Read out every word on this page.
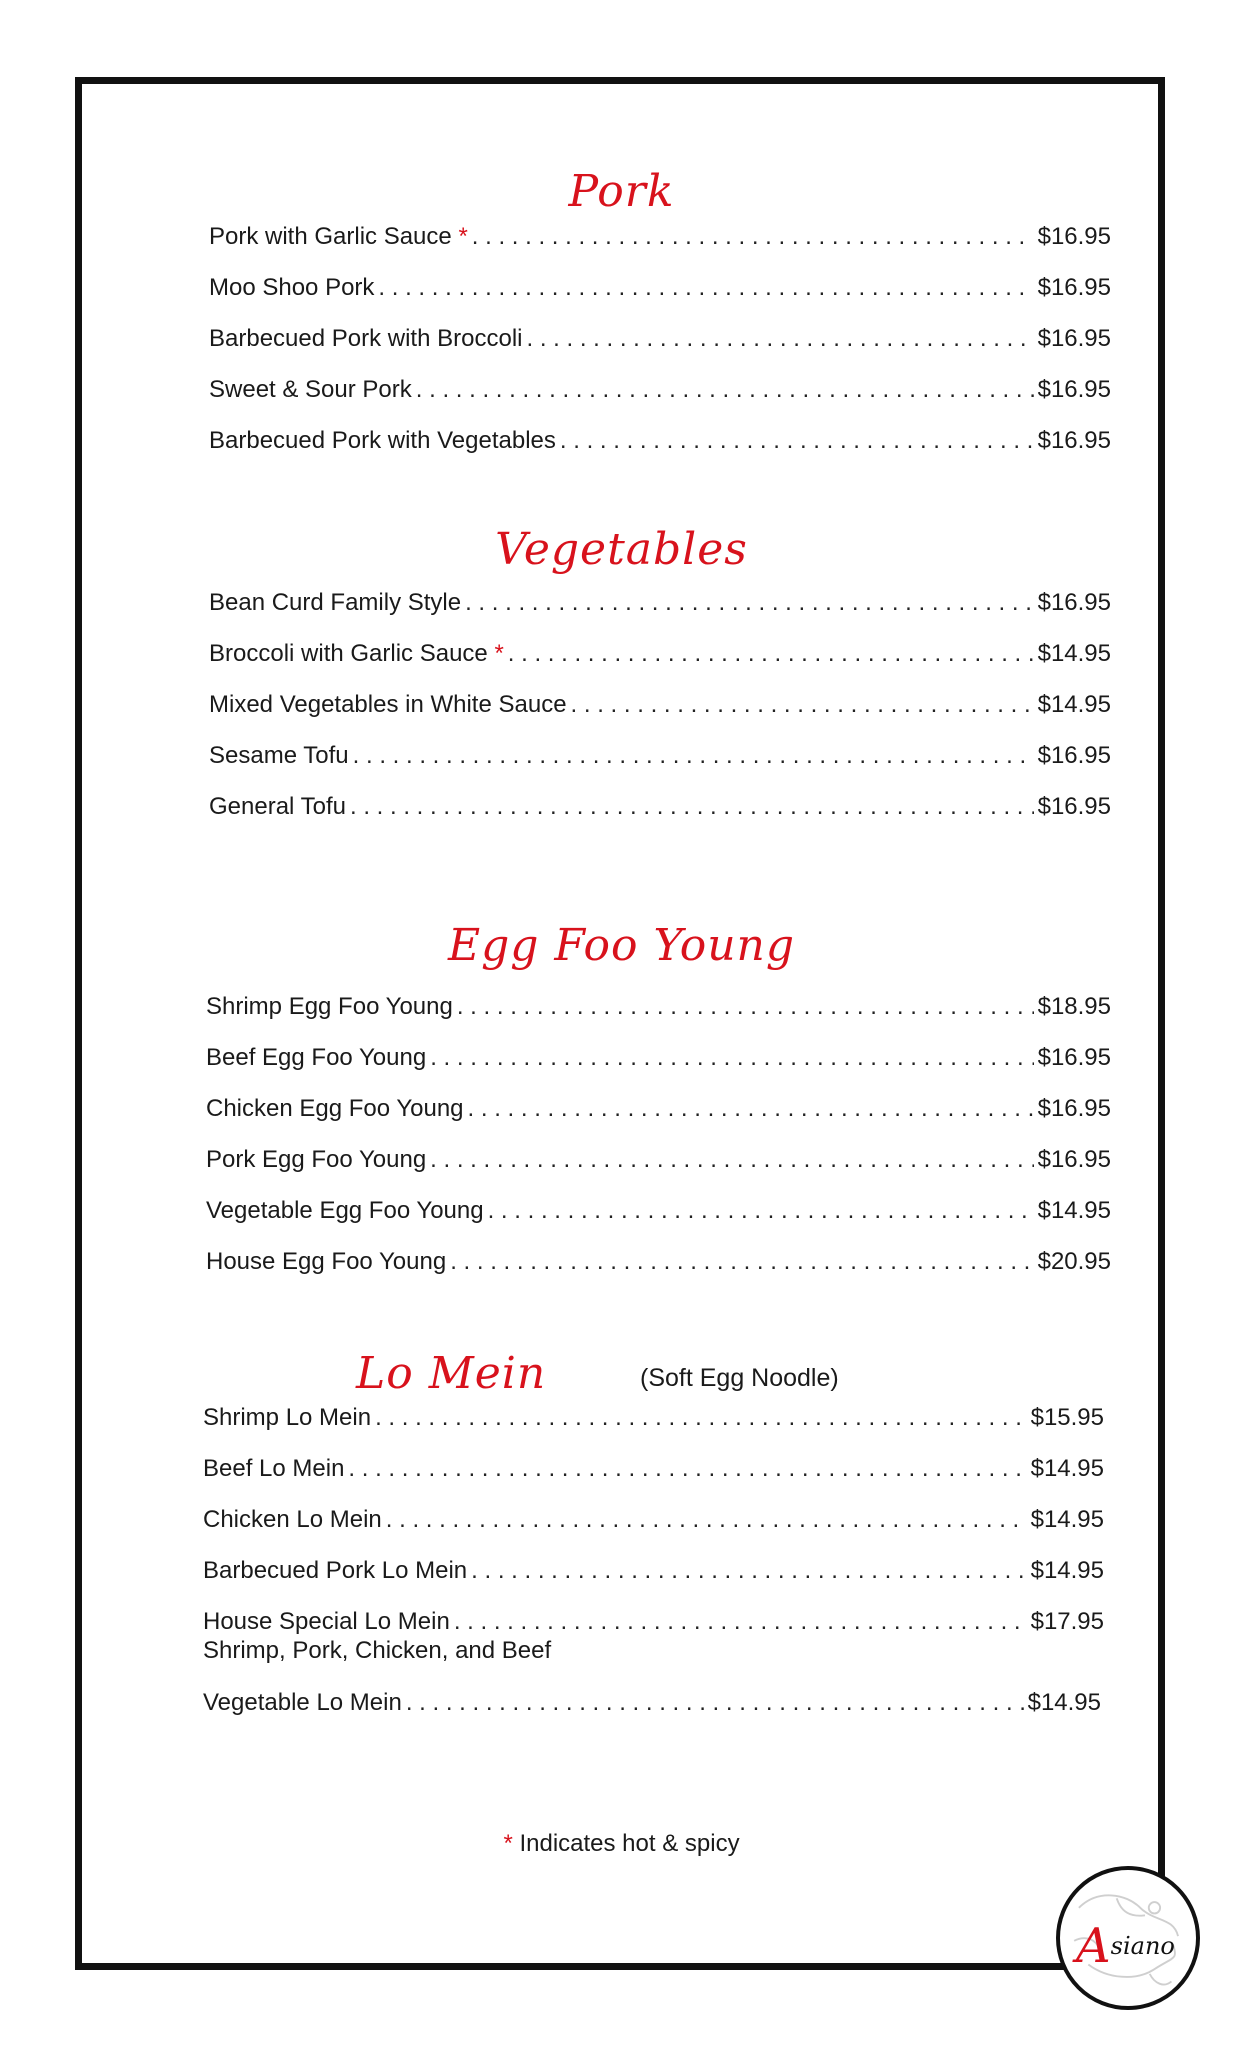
Pork
Pork with Garlic Sauce * . . .	$16.95
Moo Shoo Pork . . .	$16.95
Barbecued Pork with Broccoli . . .	$16.95
Sweet & Sour Pork . . .	$16.95
Barbecued Pork with Vegetables . . .	$16.95
Vegetables
Bean Curd Family Style . . .	$16.95
Broccoli with Garlic Sauce * . . .	$14.95
Mixed Vegetables in White Sauce . . .	$14.95
Sesame Tofu . . .	$16.95
General Tofu . . .	$16.95
Egg Foo Young
Shrimp Egg Foo Young . . .	$18.95
Beef Egg Foo Young . . .	$16.95
Chicken Egg Foo Young . . .	$16.95
Pork Egg Foo Young . . .	$16.95
Vegetable Egg Foo Young . . .	$14.95
House Egg Foo Young . . .	$20.95
Lo Mein	(Soft Egg Noodle)
Shrimp Lo Mein . . .	$15.95
Beef Lo Mein . . .	$14.95
Chicken Lo Mein . . .	$14.95
Barbecued Pork Lo Mein . . .	$14.95
House Special Lo Mein . . .	$17.95
Shrimp, Pork, Chicken, and Beef
Vegetable Lo Mein . . .	$14.95
* Indicates hot & spicy
Asiano
